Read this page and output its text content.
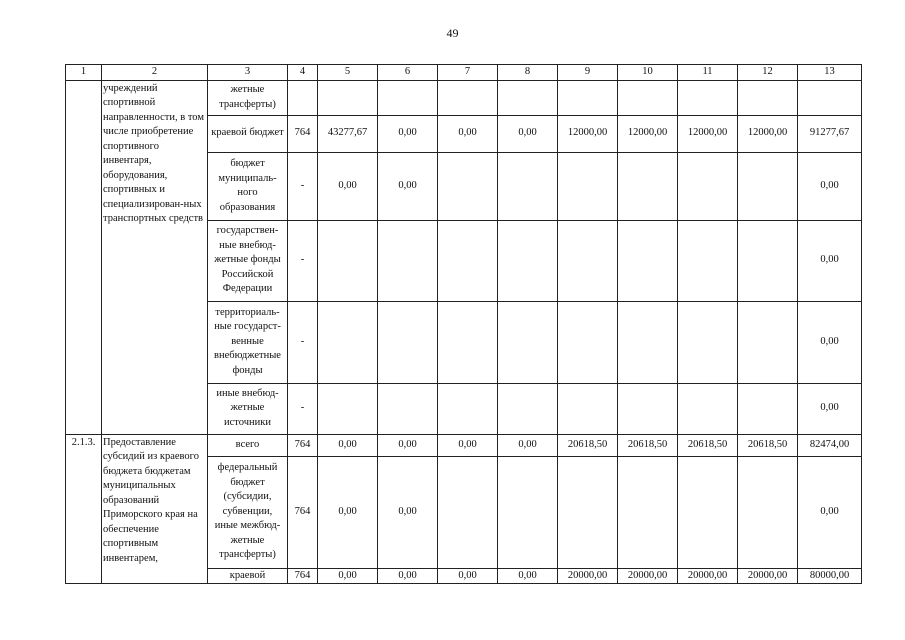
49
1	2	3	4	5	6	7	8	9	10	11	12	13
	учреждений спортивной направленности, в том числе приобретение спортивного инвентаря, оборудования, спортивных и специализирован-ных транспортных средств	жетные трансферты)										
		краевой бюджет	764	43277,67	0,00	0,00	0,00	12000,00	12000,00	12000,00	12000,00	91277,67
		бюджет муниципаль-ного образования	-	0,00	0,00							0,00
		государствен-ные внебюд-жетные фонды Российской Федерации	-									0,00
		территориаль-ные государст-венные внебюджетные фонды	-									0,00
		иные внебюд-жетные источники	-									0,00
2.1.3.	Предоставление субсидий из краевого бюджета бюджетам муниципальных образований Приморского края на обеспечение спортивным инвентарем,	всего	764	0,00	0,00	0,00	0,00	20618,50	20618,50	20618,50	20618,50	82474,00
		федеральный бюджет (субсидии, субвенции, иные межбюд-жетные трансферты)	764	0,00	0,00							0,00
		краевой	764	0,00	0,00	0,00	0,00	20000,00	20000,00	20000,00	20000,00	80000,00
